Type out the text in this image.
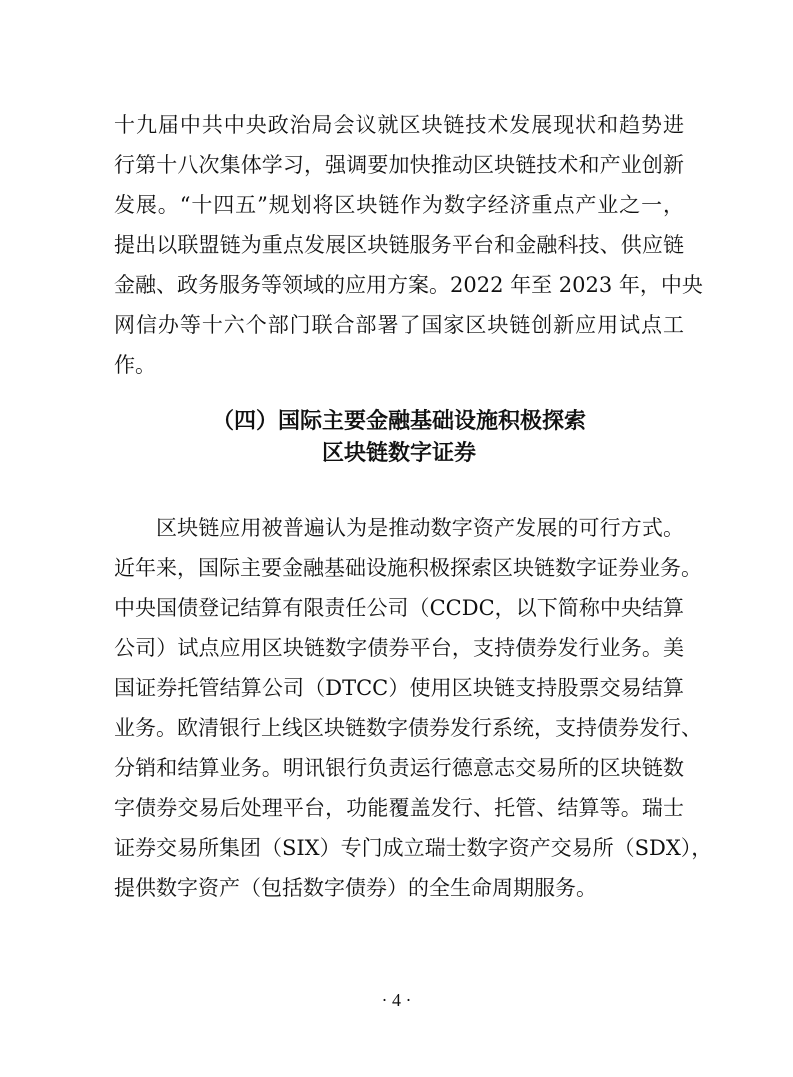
十九届中共中央政治局会议就区块链技术发展现状和趋势进
行第十八次集体学习，强调要加快推动区块链技术和产业创新
发展。“十四五”规划将区块链作为数字经济重点产业之一，
提出以联盟链为重点发展区块链服务平台和金融科技、供应链
金融、政务服务等领域的应用方案。2022 年至 2023 年，中央
网信办等十六个部门联合部署了国家区块链创新应用试点工
作。
（四）国际主要金融基础设施积极探索
区块链数字证券
区块链应用被普遍认为是推动数字资产发展的可行方式。
近年来，国际主要金融基础设施积极探索区块链数字证券业务。
中央国债登记结算有限责任公司（CCDC，以下简称中央结算
公司）试点应用区块链数字债券平台，支持债券发行业务。美
国证券托管结算公司（DTCC）使用区块链支持股票交易结算
业务。欧清银行上线区块链数字债券发行系统，支持债券发行、
分销和结算业务。明讯银行负责运行德意志交易所的区块链数
字债券交易后处理平台，功能覆盖发行、托管、结算等。瑞士
证券交易所集团（SIX）专门成立瑞士数字资产交易所（SDX），
提供数字资产（包括数字债券）的全生命周期服务。
· 4 ·
